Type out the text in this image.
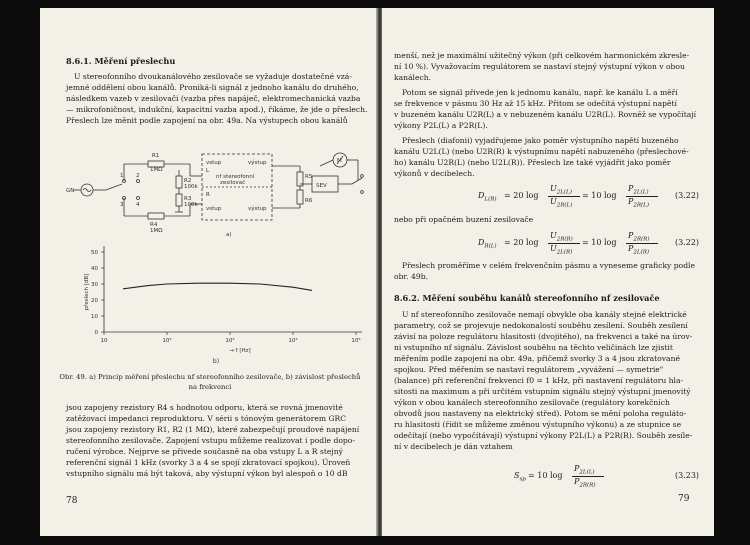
8.6.1. Měření přeslechu
U stereofonního dvoukanálového zesilovače se vyžaduje dostatečné vzá-
jemné oddělení obou kanálů. Proniká-li signál z jednoho kanálu do druhého,
následkem vazeb v zesilovači (vazba přes napáječ, elektromechanická vazba
— mikrofoničnost, indukční, kapacitní vazba apod.), říkáme, že jde o přeslech.
Přeslech lze měnit podle zapojení na obr. 49a. Na výstupech obou kanálů
R1
1MΩ
R2
100k
R3
100k
R4
1MΩ
vstup	výstup
nf stereofonní
zesilovač
vstup	výstup
R5
R6
SEV
M
GN
1 2
3 4
L
R
a)
0
10
20
30
40
50
10	10²	10³	10⁴	10⁵
přeslech [dB]
→ f [Hz]
b)
Obr. 49. a) Princip měření přeslechu nf stereofonního zesilovače, b) závislost přeslechů
na frekvenci
jsou zapojeny rezistory R4 s hodnotou odporu, která se rovná jmenovité
zatěžovací impedanci reproduktoru. V sérii s tónovým generátorem GRC
jsou zapojeny rezistory R1, R2 (1 MΩ), které zabezpečují proudové napájení
stereofonního zesilovače. Zapojení vstupu můžeme realizovat i podle dopo-
ručení výrobce. Nejprve se přivede současně na oba vstupy L a R stejný
referenční signál 1 kHz (svorky 3 a 4 se spojí zkratovací spojkou). Úroveň
vstupního signálu má být taková, aby výstupní výkon byl alespoň o 10 dB
78
menší, než je maximální užitečný výkon (při celkovém harmonickém zkresle-
ní 10 %). Vyvažovacím regulátorem se nastaví stejný výstupní výkon v obou
kanálech.
Potom se signál přivede jen k jednomu kanálu, např. ke kanálu L a měří
se frekvence v pásmu 30 Hz až 15 kHz. Přitom se odečítá výstupní napětí
v buzeném kanálu U2R(L) a v nebuzeném kanálu U2R(L). Rovněž se vypočítají
výkony P2L(L) a P2R(L).
Přeslech (diafonii) vyjadřujeme jako poměr výstupního napětí buzeného
kanálu U2L(L) (nebo U2R(R) k výstupnímu napětí nabuzeného (přeslechové-
ho) kanálu U2R(L) (nebo U2L(R)). Přeslech lze také vyjádřit jako poměr
výkonů v decibelech.
$D_{L(R)} = 20$ log
$U_{2L(L)}$
$U_{2R(L)}$
= 10 log
$P_{2L(L)}$
$P_{2R(L)}$
(3.22)
nebo při opačném buzení zesilovače
$D_{R(L)} = 20$ log
$U_{2R(R)}$
$U_{2L(R)}$
= 10 log
$P_{2R(R)}$
$P_{2L(R)}$
(3.22)
Přeslech proměříme v celém frekvenčním pásmu a vyneseme graficky podle
obr. 49b.
8.6.2. Měření souběhu kanálů stereofonního nf zesilovače
U nf stereofonního zesilovače nemají obvykle oba kanály stejné elektrické
parametry, což se projevuje nedokonalostí souběhu zesílení. Souběh zesílení
závisí na poloze regulátoru hlasitosti (dvojitého), na frekvenci a také na úrov-
ni vstupního nf signálu. Závislost souběhu na těchto veličinách lze zjistit
měřením podle zapojení na obr. 49a, přičemž svorky 3 a 4 jsou zkratované
spojkou. Před měřením se nastaví regulátorem „vyvážení — symetrie"
(balance) při referenční frekvenci f0 = 1 kHz, při nastavení regulátoru hla-
sitosti na maximum a při určitém vstupním signálu stejný výstupní jmenovitý
výkon v obou kanálech stereofonního zesilovače (regulátory korekčních
obvodů jsou nastaveny na elektrický střed). Potom se mění poloha reguláto-
ru hlasitosti (řídit se můžeme změnou výstupního výkonu) a ze stupnice se
odečítají (nebo vypočítávají) výstupní výkony P2L(L) a P2R(R). Souběh zesíle-
ní v decibelech je dán vztahem
$S_{sp} = 10$ log
$P_{2L(L)}$
$P_{2R(R)}$
(3.23)
79
